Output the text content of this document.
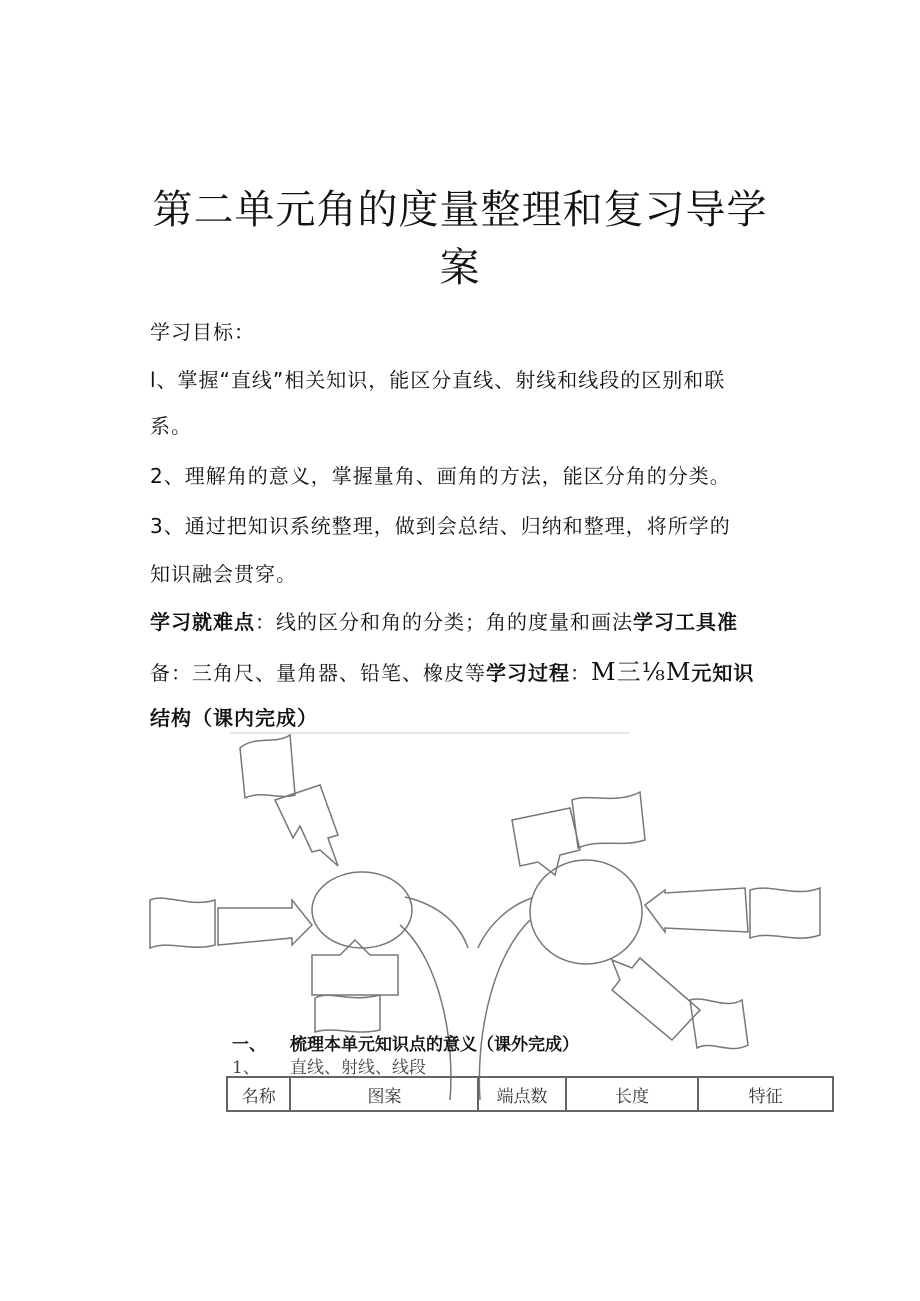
第二单元角的度量整理和复习导学
案
学习目标：
l、掌握“直线”相关知识，能区分直线、射线和线段的区别和联
系。
2、理解角的意义，掌握量角、画角的方法，能区分角的分类。
3、通过把知识系统整理，做到会总结、归纳和整理，将所学的
知识融会贯穿。
学习就难点：线的区分和角的分类；角的度量和画法学习工具准
备：三角尺、量角器、铅笔、橡皮等学习过程：M三⅛M元知识
结构（课内完成）
一、 梳理本单元知识点的意义（课外完成）
1、 直线、射线、线段
名称	图案	端点数	长度	特征
